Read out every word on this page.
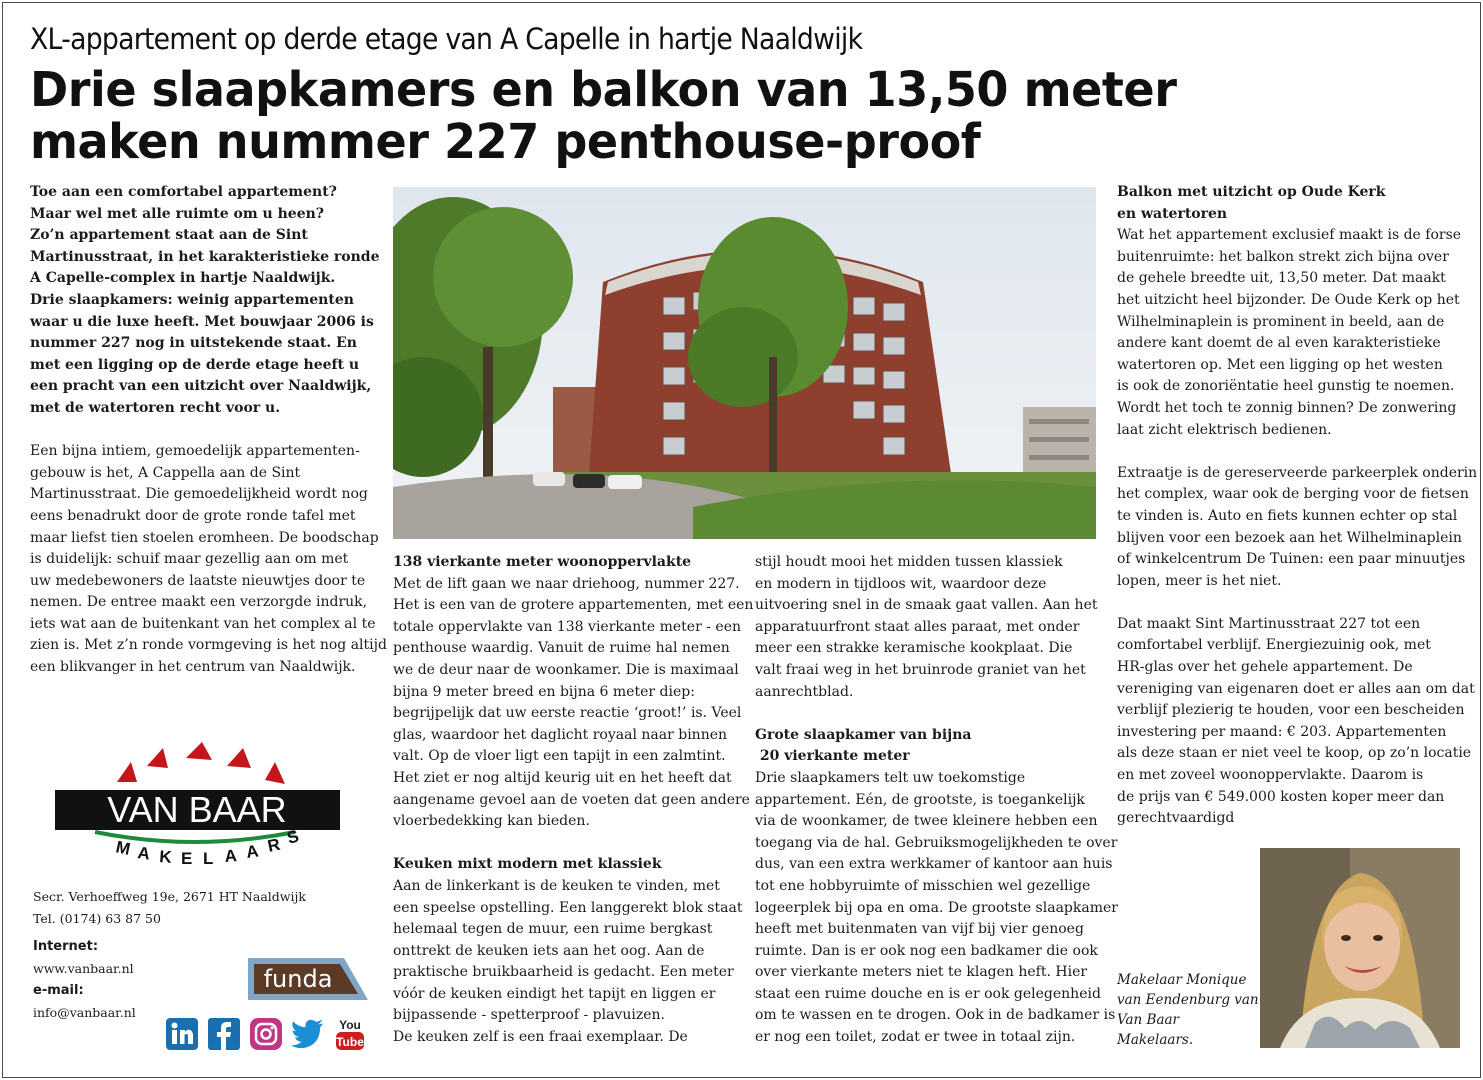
XL-appartement op derde etage van A Capelle in hartje Naaldwijk
Drie slaapkamers en balkon van 13,50 meter
maken nummer 227 penthouse-proof

Toe aan een comfortabel appartement?

Maar wel met alle ruimte om u heen?

Zo’n appartement staat aan de Sint

Martinusstraat, in het karakteristieke ronde

A Capelle-complex in hartje Naaldwijk.

Drie slaapkamers: weinig appartementen

waar u die luxe heeft. Met bouwjaar 2006 is

nummer 227 nog in uitstekende staat. En

met een ligging op de derde etage heeft u

een pracht van een uitzicht over Naaldwijk,

met de watertoren recht voor u.

Een bijna intiem, gemoedelijk appartementen-

gebouw is het, A Cappella aan de Sint

Martinusstraat. Die gemoedelijkheid wordt nog

eens benadrukt door de grote ronde tafel met

maar liefst tien stoelen eromheen. De boodschap

is duidelijk: schuif maar gezellig aan om met

uw medebewoners de laatste nieuwtjes door te

nemen. De entree maakt een verzorgde indruk,

iets wat aan de buitenkant van het complex al te

zien is. Met z’n ronde vormgeving is het nog altijd

een blikvanger in het centrum van Naaldwijk.

138 vierkante meter woonoppervlakte

Met de lift gaan we naar driehoog, nummer 227.

Het is een van de grotere appartementen, met een

totale oppervlakte van 138 vierkante meter - een

penthouse waardig. Vanuit de ruime hal nemen

we de deur naar de woonkamer. Die is maximaal

bijna 9 meter breed en bijna 6 meter diep:

begrijpelijk dat uw eerste reactie ‘groot!’ is. Veel

glas, waardoor het daglicht royaal naar binnen

valt. Op de vloer ligt een tapijt in een zalmtint.

Het ziet er nog altijd keurig uit en het heeft dat

aangename gevoel aan de voeten dat geen andere

vloerbedekking kan bieden.

Keuken mixt modern met klassiek

Aan de linkerkant is de keuken te vinden, met

een speelse opstelling. Een langgerekt blok staat

helemaal tegen de muur, een ruime bergkast

onttrekt de keuken iets aan het oog. Aan de

praktische bruikbaarheid is gedacht. Een meter

vóór de keuken eindigt het tapijt en liggen er

bijpassende - spetterproof - plavuizen.

De keuken zelf is een fraai exemplaar. De

stijl houdt mooi het midden tussen klassiek

en modern in tijdloos wit, waardoor deze

uitvoering snel in de smaak gaat vallen. Aan het

apparatuurfront staat alles paraat, met onder

meer een strakke keramische kookplaat. Die

valt fraai weg in het bruinrode graniet van het

aanrechtblad.

Grote slaapkamer van bijna

20 vierkante meter

Drie slaapkamers telt uw toekomstige

appartement. Eén, de grootste, is toegankelijk

via de woonkamer, de twee kleinere hebben een

toegang via de hal. Gebruiksmogelijkheden te over

dus, van een extra werkkamer of kantoor aan huis

tot ene hobbyruimte of misschien wel gezellige

logeerplek bij opa en oma. De grootste slaapkamer

heeft met buitenmaten van vijf bij vier genoeg

ruimte. Dan is er ook nog een badkamer die ook

over vierkante meters niet te klagen heft. Hier

staat een ruime douche en is er ook gelegenheid

om te wassen en te drogen. Ook in de badkamer is

er nog een toilet, zodat er twee in totaal zijn.

Balkon met uitzicht op Oude Kerk

en watertoren

Wat het appartement exclusief maakt is de forse

buitenruimte: het balkon strekt zich bijna over

de gehele breedte uit, 13,50 meter. Dat maakt

het uitzicht heel bijzonder. De Oude Kerk op het

Wilhelminaplein is prominent in beeld, aan de

andere kant doemt de al even karakteristieke

watertoren op. Met een ligging op het westen

is ook de zonoriëntatie heel gunstig te noemen.

Wordt het toch te zonnig binnen? De zonwering

laat zicht elektrisch bedienen.

Extraatje is de gereserveerde parkeerplek onderin

het complex, waar ook de berging voor de fietsen

te vinden is. Auto en fiets kunnen echter op stal

blijven voor een bezoek aan het Wilhelminaplein

of winkelcentrum De Tuinen: een paar minuutjes

lopen, meer is het niet.

Dat maakt Sint Martinusstraat 227 tot een

comfortabel verblijf. Energiezuinig ook, met

HR-glas over het gehele appartement. De

vereniging van eigenaren doet er alles aan om dat

verblijf plezierig te houden, voor een bescheiden

investering per maand: € 203. Appartementen

als deze staan er niet veel te koop, op zo’n locatie

en met zoveel woonoppervlakte. Daarom is

de prijs van € 549.000 kosten koper meer dan

gerechtvaardigd

VAN BAAR
M A K E L A A R S

Secr. Verhoeffweg 19e, 2671 HT Naaldwijk

Tel. (0174) 63 87 50

Internet:

www.vanbaar.nl

e-mail:

info@vanbaar.nl

funda
You
Tube

Makelaar Monique

van Eendenburg van

Van Baar

Makelaars.
